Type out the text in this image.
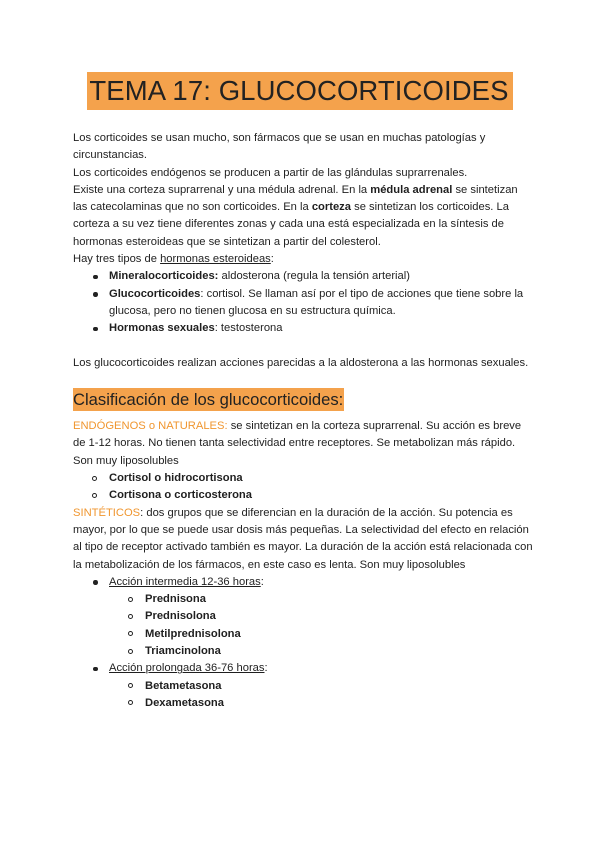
TEMA 17: GLUCOCORTICOIDES

Los corticoides se usan mucho, son fármacos que se usan en muchas patologías y circunstancias.

Los corticoides endógenos se producen a partir de las glándulas suprarrenales.

Existe una corteza suprarrenal y una médula adrenal. En la médula adrenal se sintetizan las catecolaminas que no son corticoides. En la corteza se sintetizan los corticoides. La corteza a su vez tiene diferentes zonas y cada una está especializada en la síntesis de hormonas esteroideas que se sintetizan a partir del colesterol.

Hay tres tipos de hormonas esteroideas:

Mineralocorticoides: aldosterona (regula la tensión arterial)
Glucocorticoides: cortisol. Se llaman así por el tipo de acciones que tiene sobre la glucosa, pero no tienen glucosa en su estructura química.
Hormonas sexuales: testosterona

Los glucocorticoides realizan acciones parecidas a la aldosterona a las hormonas sexuales.

Clasificación de los glucocorticoides:

ENDÓGENOS o NATURALES: se sintetizan en la corteza suprarrenal. Su acción es breve de 1-12 horas. No tienen tanta selectividad entre receptores. Se metabolizan más rápido. Son muy liposolubles

Cortisol o hidrocortisona
Cortisona o corticosterona

SINTÉTICOS: dos grupos que se diferencian en la duración de la acción. Su potencia es mayor, por lo que se puede usar dosis más pequeñas. La selectividad del efecto en relación al tipo de receptor activado también es mayor. La duración de la acción está relacionada con la metabolización de los fármacos, en este caso es lenta. Son muy liposolubles

Acción intermedia 12-36 horas:
Prednisona
Prednisolona
Metilprednisolona
Triamcinolona
Acción prolongada 36-76 horas:
Betametasona
Dexametasona
